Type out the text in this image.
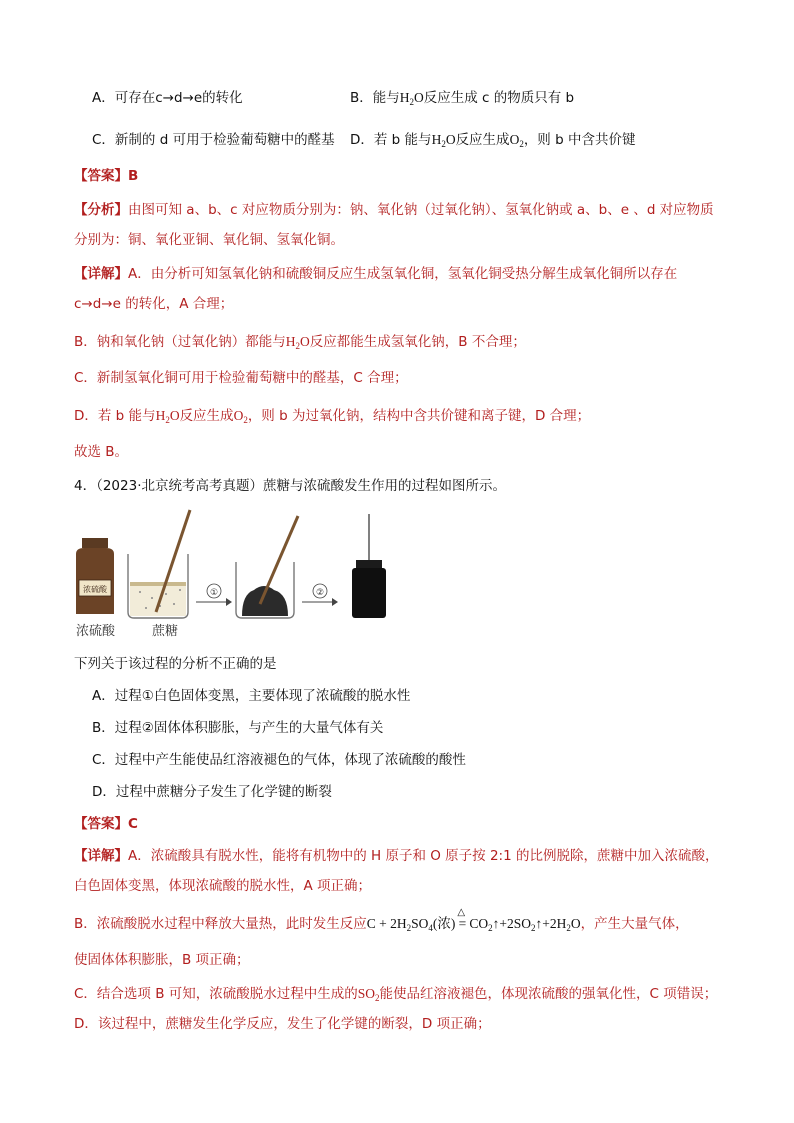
A．可存在c→d→e的转化	B．能与$H_2O$反应生成 c 的物质只有 b
C．新制的 d 可用于检验葡萄糖中的醛基 D．若 b 能与$H_2O$反应生成$O_2$，则 b 中含共价键
【答案】B
【分析】由图可知 a、b、c 对应物质分别为：钠、氧化钠（过氧化钠）、氢氧化钠或 a、b、e 、d 对应物质
分别为：铜、氧化亚铜、氧化铜、氢氧化铜。
【详解】A．由分析可知氢氧化钠和硫酸铜反应生成氢氧化铜，氢氧化铜受热分解生成氧化铜所以存在
c→d→e 的转化，A 合理；
B．钠和氧化钠（过氧化钠）都能与$H_2O$反应都能生成氢氧化钠，B 不合理；
C．新制氢氧化铜可用于检验葡萄糖中的醛基，C 合理；
D．若 b 能与$H_2O$反应生成$O_2$，则 b 为过氧化钠，结构中含共价键和离子键，D 合理；
故选 B。
4．（2023·北京统考高考真题）蔗糖与浓硫酸发生作用的过程如图所示。
浓硫酸	①	②
浓硫酸	蔗糖
下列关于该过程的分析不正确的是
A．过程①白色固体变黑，主要体现了浓硫酸的脱水性
B．过程②固体体积膨胀，与产生的大量气体有关
C．过程中产生能使品红溶液褪色的气体，体现了浓硫酸的酸性
D．过程中蔗糖分子发生了化学键的断裂
【答案】C
【详解】A．浓硫酸具有脱水性，能将有机物中的 H 原子和 O 原子按 2:1 的比例脱除，蔗糖中加入浓硫酸，
白色固体变黑，体现浓硫酸的脱水性，A 项正确；
B．浓硫酸脱水过程中释放大量热，此时发生反应$C + 2H_2SO_4$(浓) =
△
$CO_2↑+2SO_2↑+2H_2O$，产生大量气体，
使固体体积膨胀，B 项正确；
C．结合选项 B 可知，浓硫酸脱水过程中生成的$SO_2$能使品红溶液褪色，体现浓硫酸的强氧化性，C 项错误；
D．该过程中，蔗糖发生化学反应，发生了化学键的断裂，D 项正确；
